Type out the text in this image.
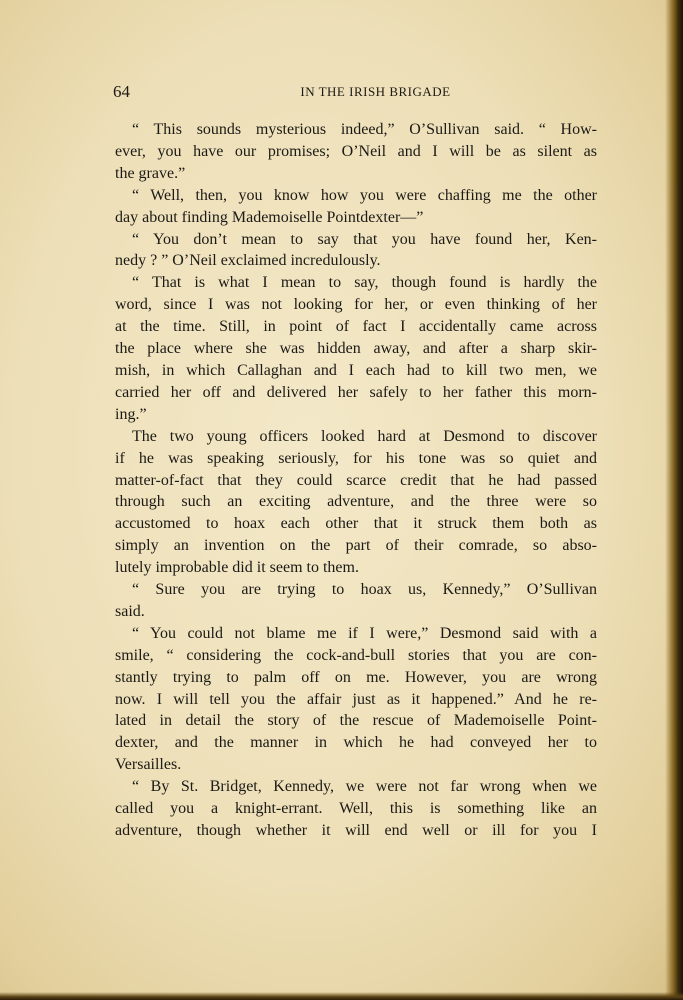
64	IN THE IRISH BRIGADE
“ This sounds mysterious indeed,” O’Sullivan said. “ How-
ever, you have our promises; O’Neil and I will be as silent as
the grave.”
“ Well, then, you know how you were chaffing me the other
day about finding Mademoiselle Pointdexter—”
“ You don’t mean to say that you have found her, Ken-
nedy ? ” O’Neil exclaimed incredulously.
“ That is what I mean to say, though found is hardly the
word, since I was not looking for her, or even thinking of her
at the time. Still, in point of fact I accidentally came across
the place where she was hidden away, and after a sharp skir-
mish, in which Callaghan and I each had to kill two men, we
carried her off and delivered her safely to her father this morn-
ing.”
The two young officers looked hard at Desmond to discover
if he was speaking seriously, for his tone was so quiet and
matter-of-fact that they could scarce credit that he had passed
through such an exciting adventure, and the three were so
accustomed to hoax each other that it struck them both as
simply an invention on the part of their comrade, so abso-
lutely improbable did it seem to them.
“ Sure you are trying to hoax us, Kennedy,” O’Sullivan
said.
“ You could not blame me if I were,” Desmond said with a
smile, “ considering the cock-and-bull stories that you are con-
stantly trying to palm off on me. However, you are wrong
now. I will tell you the affair just as it happened.” And he re-
lated in detail the story of the rescue of Mademoiselle Point-
dexter, and the manner in which he had conveyed her to
Versailles.
“ By St. Bridget, Kennedy, we were not far wrong when we
called you a knight-errant. Well, this is something like an
adventure, though whether it will end well or ill for you I
